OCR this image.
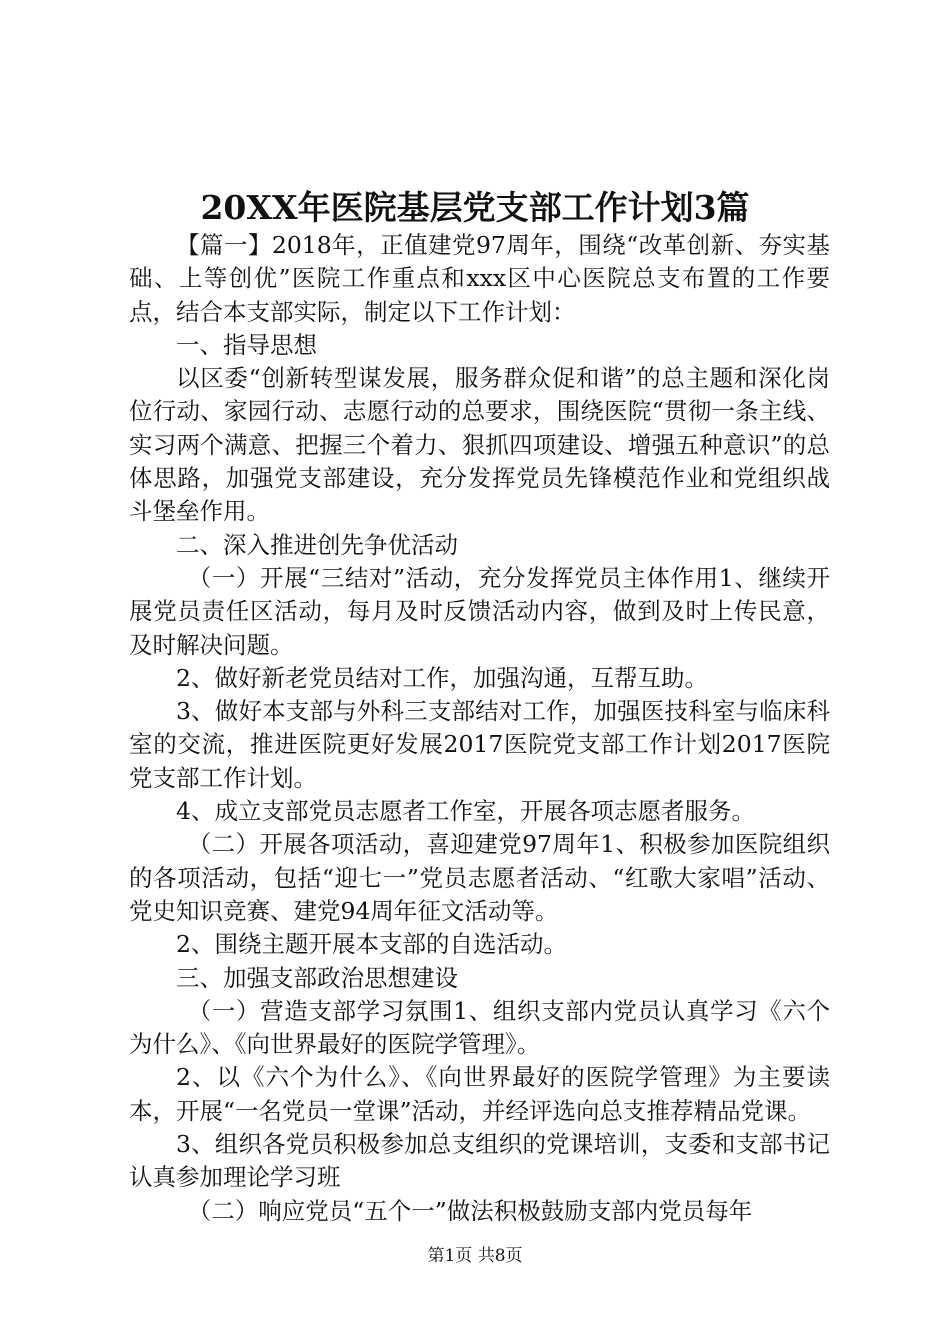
20XX年医院基层党支部工作计划3篇

【篇一】2018年，正值建党97周年，围绕“改革创新、夯实基础、上等创优”医院工作重点和xxx区中心医院总支布置的工作要点，结合本支部实际，制定以下工作计划：

一、指导思想

以区委“创新转型谋发展，服务群众促和谐”的总主题和深化岗位行动、家园行动、志愿行动的总要求，围绕医院“贯彻一条主线、实习两个满意、把握三个着力、狠抓四项建设、增强五种意识”的总体思路，加强党支部建设，充分发挥党员先锋模范作业和党组织战斗堡垒作用。

二、深入推进创先争优活动

（一）开展“三结对”活动，充分发挥党员主体作用1、继续开展党员责任区活动，每月及时反馈活动内容，做到及时上传民意，及时解决问题。

2、做好新老党员结对工作，加强沟通，互帮互助。

3、做好本支部与外科三支部结对工作，加强医技科室与临床科室的交流，推进医院更好发展2017医院党支部工作计划2017医院党支部工作计划。

4、成立支部党员志愿者工作室，开展各项志愿者服务。

（二）开展各项活动，喜迎建党97周年1、积极参加医院组织的各项活动，包括“迎七一”党员志愿者活动、“红歌大家唱”活动、党史知识竞赛、建党94周年征文活动等。

2、围绕主题开展本支部的自选活动。

三、加强支部政治思想建设

（一）营造支部学习氛围1、组织支部内党员认真学习《六个为什么》、《向世界最好的医院学管理》。

2、以《六个为什么》、《向世界最好的医院学管理》为主要读本，开展“一名党员一堂课”活动，并经评选向总支推荐精品党课。

3、组织各党员积极参加总支组织的党课培训，支委和支部书记认真参加理论学习班

（二）响应党员“五个一”做法积极鼓励支部内党员每年

第1页 共8页
